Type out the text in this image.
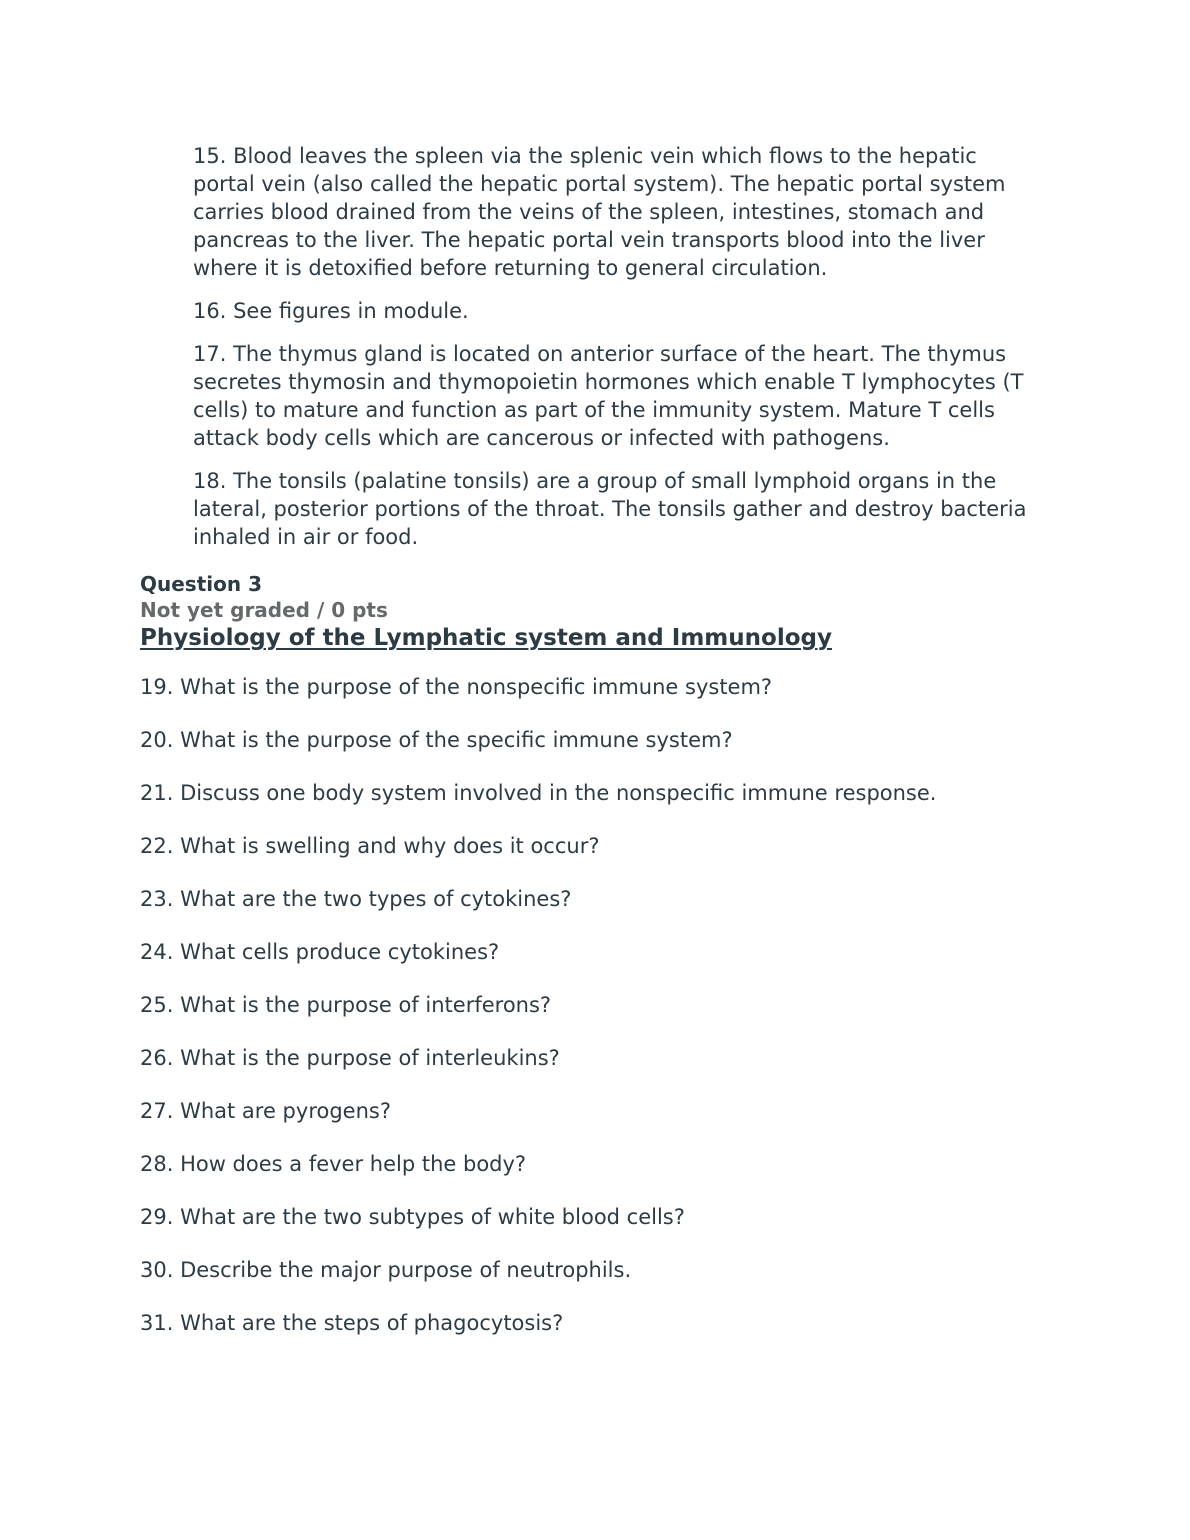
15. Blood leaves the spleen via the splenic vein which flows to the hepatic portal vein (also called the hepatic portal system). The hepatic portal system carries blood drained from the veins of the spleen, intestines, stomach and pancreas to the liver. The hepatic portal vein transports blood into the liver where it is detoxified before returning to general circulation.

16. See figures in module.

17. The thymus gland is located on anterior surface of the heart. The thymus secretes thymosin and thymopoietin hormones which enable T lymphocytes (T cells) to mature and function as part of the immunity system. Mature T cells attack body cells which are cancerous or infected with pathogens.

18. The tonsils (palatine tonsils) are a group of small lymphoid organs in the lateral, posterior portions of the throat. The tonsils gather and destroy bacteria inhaled in air or food.

Question 3
Not yet graded / 0 pts
Physiology of the Lymphatic system and Immunology

19. What is the purpose of the nonspecific immune system?

20. What is the purpose of the specific immune system?

21. Discuss one body system involved in the nonspecific immune response.

22. What is swelling and why does it occur?

23. What are the two types of cytokines?

24. What cells produce cytokines?

25. What is the purpose of interferons?

26. What is the purpose of interleukins?

27. What are pyrogens?

28. How does a fever help the body?

29. What are the two subtypes of white blood cells?

30. Describe the major purpose of neutrophils.

31. What are the steps of phagocytosis?
